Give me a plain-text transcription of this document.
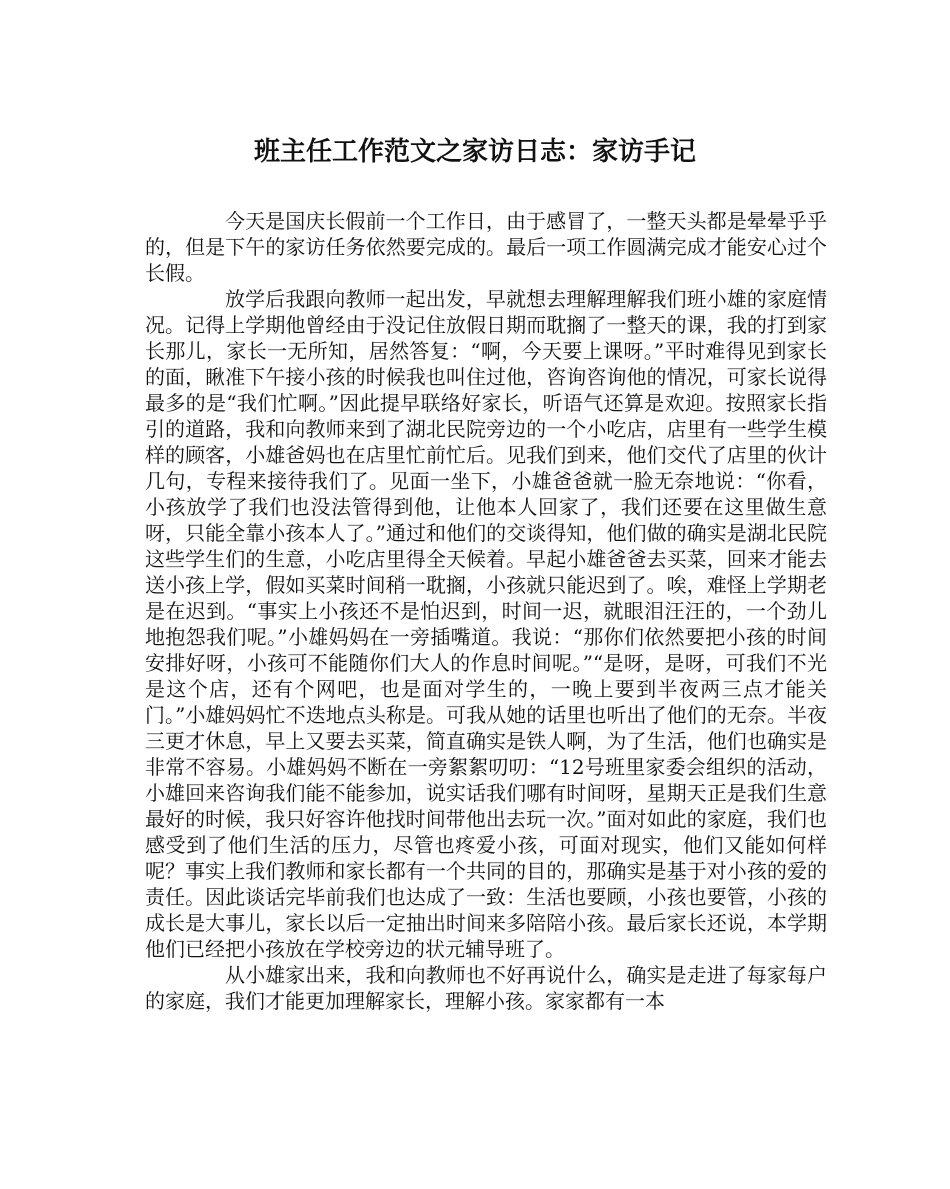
班主任工作范文之家访日志：家访手记

今天是国庆长假前一个工作日，由于感冒了，一整天头都是晕晕乎乎的，但是下午的家访任务依然要完成的。最后一项工作圆满完成才能安心过个长假。

放学后我跟向教师一起出发，早就想去理解理解我们班小雄的家庭情况。记得上学期他曾经由于没记住放假日期而耽搁了一整天的课，我的打到家长那儿，家长一无所知，居然答复：“啊，今天要上课呀。”平时难得见到家长的面，瞅准下午接小孩的时候我也叫住过他，咨询咨询他的情况，可家长说得最多的是“我们忙啊。”因此提早联络好家长，听语气还算是欢迎。按照家长指引的道路，我和向教师来到了湖北民院旁边的一个小吃店，店里有一些学生模样的顾客，小雄爸妈也在店里忙前忙后。见我们到来，他们交代了店里的伙计几句，专程来接待我们了。见面一坐下，小雄爸爸就一脸无奈地说：“你看，小孩放学了我们也没法管得到他，让他本人回家了，我们还要在这里做生意呀，只能全靠小孩本人了。”通过和他们的交谈得知，他们做的确实是湖北民院这些学生们的生意，小吃店里得全天候着。早起小雄爸爸去买菜，回来才能去送小孩上学，假如买菜时间稍一耽搁，小孩就只能迟到了。唉，难怪上学期老是在迟到。“事实上小孩还不是怕迟到，时间一迟，就眼泪汪汪的，一个劲儿地抱怨我们呢。”小雄妈妈在一旁插嘴道。我说：“那你们依然要把小孩的时间安排好呀，小孩可不能随你们大人的作息时间呢。”“是呀，是呀，可我们不光是这个店，还有个网吧，也是面对学生的，一晚上要到半夜两三点才能关门。”小雄妈妈忙不迭地点头称是。可我从她的话里也听出了他们的无奈。半夜三更才休息，早上又要去买菜，简直确实是铁人啊，为了生活，他们也确实是非常不容易。小雄妈妈不断在一旁絮絮叨叨：“12号班里家委会组织的活动，小雄回来咨询我们能不能参加，说实话我们哪有时间呀，星期天正是我们生意最好的时候，我只好容许他找时间带他出去玩一次。”面对如此的家庭，我们也感受到了他们生活的压力，尽管也疼爱小孩，可面对现实，他们又能如何样呢？事实上我们教师和家长都有一个共同的目的，那确实是基于对小孩的爱的责任。因此谈话完毕前我们也达成了一致：生活也要顾，小孩也要管，小孩的成长是大事儿，家长以后一定抽出时间来多陪陪小孩。最后家长还说，本学期他们已经把小孩放在学校旁边的状元辅导班了。

从小雄家出来，我和向教师也不好再说什么，确实是走进了每家每户的家庭，我们才能更加理解家长，理解小孩。家家都有一本
